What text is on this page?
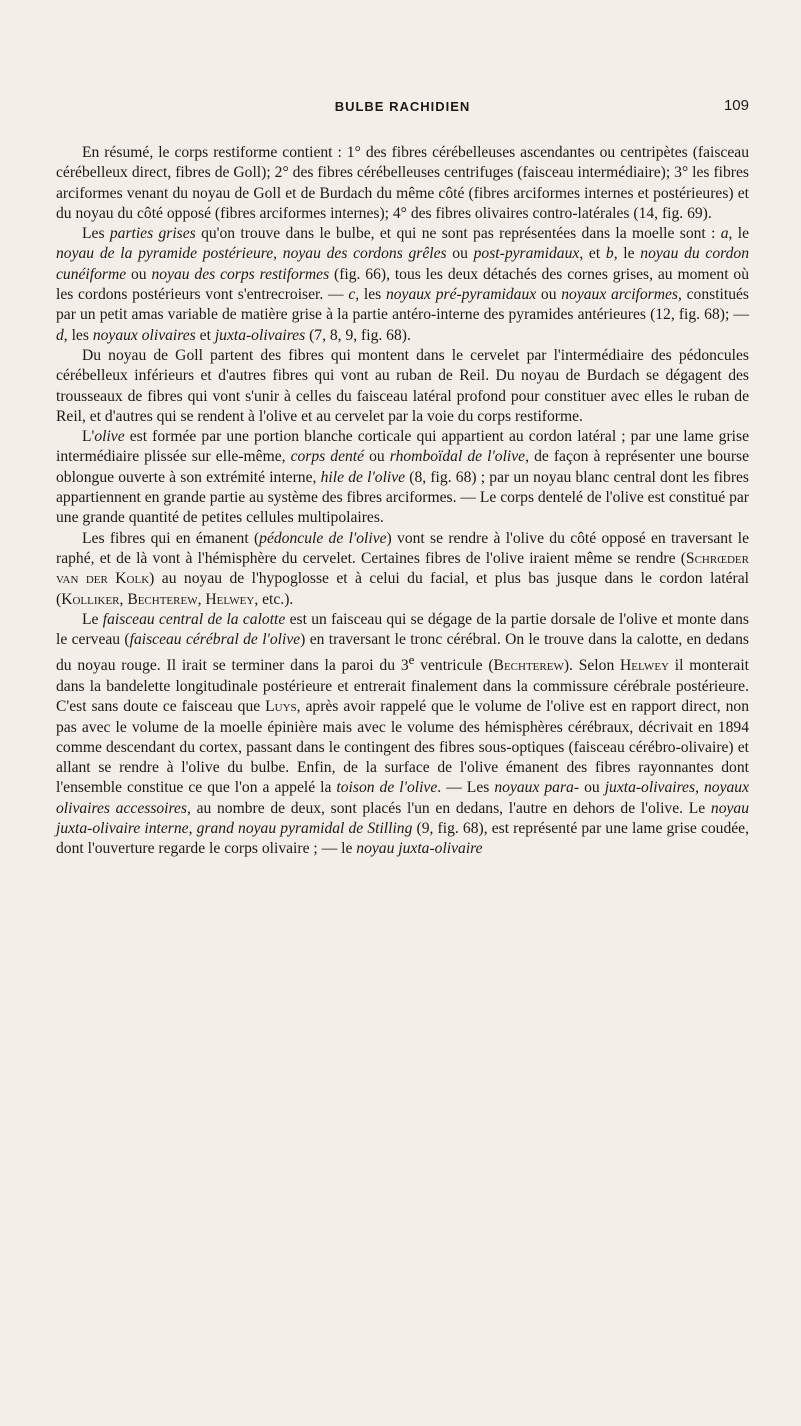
BULBE RACHIDIEN	109

En résumé, le corps restiforme contient : 1° des fibres cérébelleuses ascendantes ou centripètes (faisceau cérébelleux direct, fibres de Goll); 2° des fibres cérébelleuses centrifuges (faisceau intermédiaire); 3° les fibres arciformes venant du noyau de Goll et de Burdach du même côté (fibres arciformes internes et postérieures) et du noyau du côté opposé (fibres arciformes internes); 4° des fibres olivaires contro-latérales (14, fig. 69).

Les parties grises qu'on trouve dans le bulbe, et qui ne sont pas représentées dans la moelle sont : a, le noyau de la pyramide postérieure, noyau des cordons grêles ou post-pyramidaux, et b, le noyau du cordon cunéiforme ou noyau des corps restiformes (fig. 66), tous les deux détachés des cornes grises, au moment où les cordons postérieurs vont s'entrecroiser. — c, les noyaux pré-pyramidaux ou noyaux arciformes, constitués par un petit amas variable de matière grise à la partie antéro-interne des pyramides antérieures (12, fig. 68); — d, les noyaux olivaires et juxta-olivaires (7, 8, 9, fig. 68).

Du noyau de Goll partent des fibres qui montent dans le cervelet par l'intermédiaire des pédoncules cérébelleux inférieurs et d'autres fibres qui vont au ruban de Reil. Du noyau de Burdach se dégagent des trousseaux de fibres qui vont s'unir à celles du faisceau latéral profond pour constituer avec elles le ruban de Reil, et d'autres qui se rendent à l'olive et au cervelet par la voie du corps restiforme.

L'olive est formée par une portion blanche corticale qui appartient au cordon latéral ; par une lame grise intermédiaire plissée sur elle-même, corps denté ou rhomboïdal de l'olive, de façon à représenter une bourse oblongue ouverte à son extrémité interne, hile de l'olive (8, fig. 68) ; par un noyau blanc central dont les fibres appartiennent en grande partie au système des fibres arciformes. — Le corps dentelé de l'olive est constitué par une grande quantité de petites cellules multipolaires.

Les fibres qui en émanent (pédoncule de l'olive) vont se rendre à l'olive du côté opposé en traversant le raphé, et de là vont à l'hémisphère du cervelet. Certaines fibres de l'olive iraient même se rendre (Schrœder van der Kolk) au noyau de l'hypoglosse et à celui du facial, et plus bas jusque dans le cordon latéral (Kolliker, Bechterew, Helwey, etc.).

Le faisceau central de la calotte est un faisceau qui se dégage de la partie dorsale de l'olive et monte dans le cerveau (faisceau cérébral de l'olive) en traversant le tronc cérébral. On le trouve dans la calotte, en dedans du noyau rouge. Il irait se terminer dans la paroi du 3e ventricule (Bechterew). Selon Helwey il monterait dans la bandelette longitudinale postérieure et entrerait finalement dans la commissure cérébrale postérieure. C'est sans doute ce faisceau que Luys, après avoir rappelé que le volume de l'olive est en rapport direct, non pas avec le volume de la moelle épinière mais avec le volume des hémisphères cérébraux, décrivait en 1894 comme descendant du cortex, passant dans le contingent des fibres sous-optiques (faisceau cérébro-olivaire) et allant se rendre à l'olive du bulbe. Enfin, de la surface de l'olive émanent des fibres rayonnantes dont l'ensemble constitue ce que l'on a appelé la toison de l'olive. — Les noyaux para- ou juxta-olivaires, noyaux olivaires accessoires, au nombre de deux, sont placés l'un en dedans, l'autre en dehors de l'olive. Le noyau juxta-olivaire interne, grand noyau pyramidal de Stilling (9, fig. 68), est représenté par une lame grise coudée, dont l'ouverture regarde le corps olivaire ; — le noyau juxta-olivaire
